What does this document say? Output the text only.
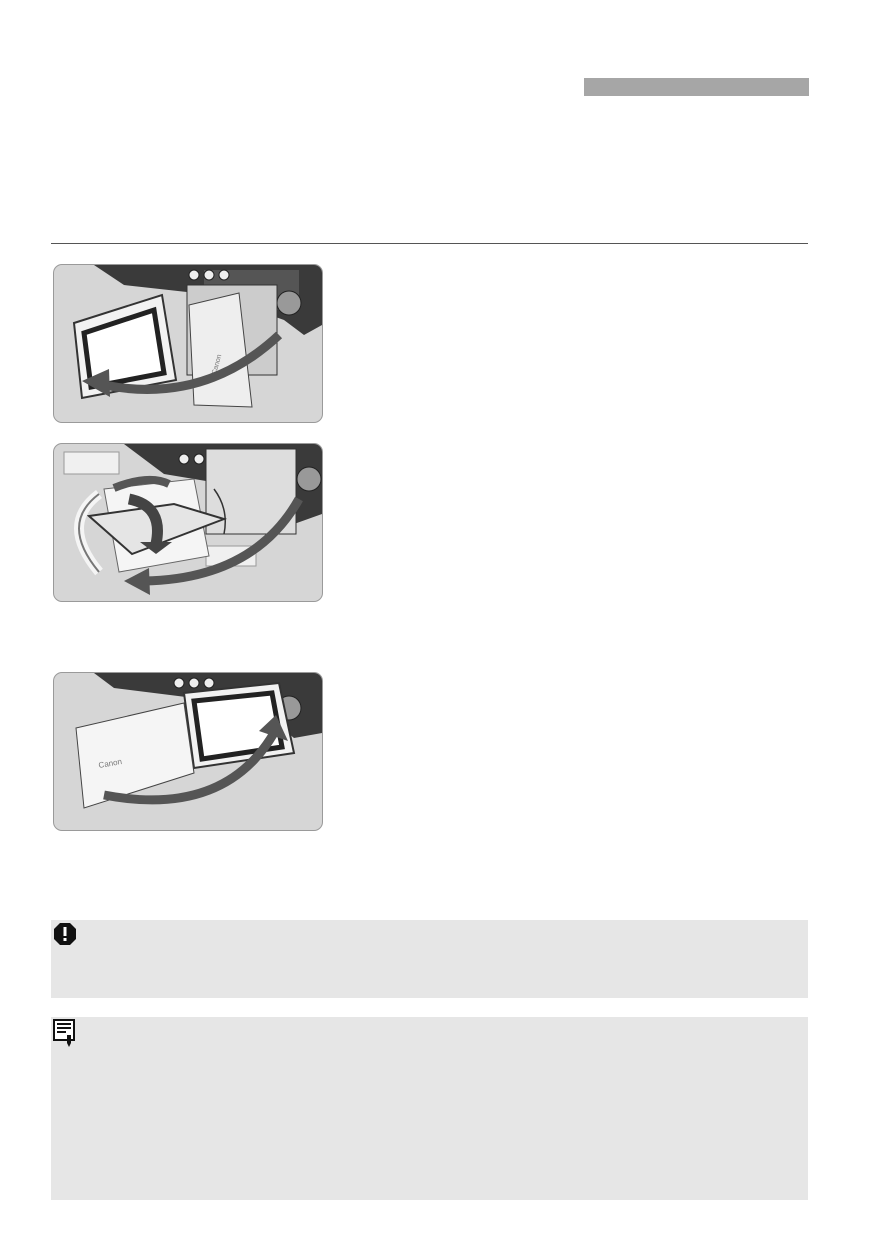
Canon
Canon
